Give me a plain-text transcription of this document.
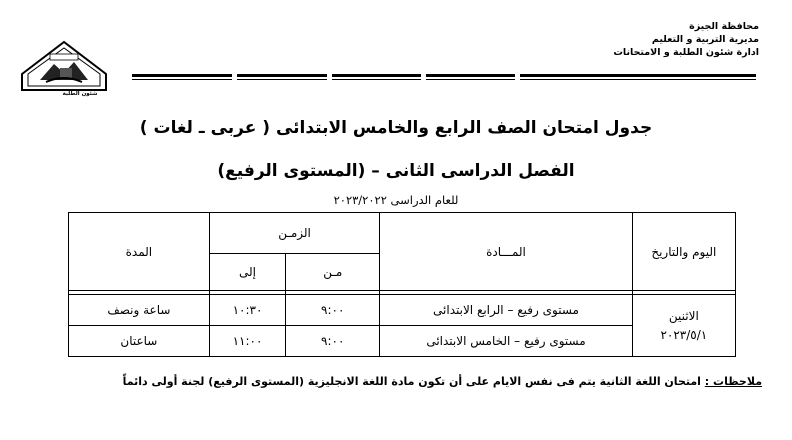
محافظة الجيزة
مديرية التربية و التعليم
ادارة شئون الطلبة و الامتحانات
شئون الطلبة
جدول امتحان الصف الرابع والخامس الابتدائى ( عربى ـ لغات )
الفصل الدراسى الثانى – (المستوى الرفيع)
للعام الدراسى ٢٠٢٣/٢٠٢٢
اليوم والتاريخ	المـــادة	الزمـن		المدة
		مـن	إلى	

الاثنين
٢٠٢٣/٥/١	مستوى رفيع – الرابع الابتدائى	٩:٠٠	١٠:٣٠	ساعة ونصف
	مستوى رفيع – الخامس الابتدائى	٩:٠٠	١١:٠٠	ساعتان
ملاحظات : امتحان اللغة الثانية يتم فى نفس الايام على أن تكون مادة اللغة الانجليزية (المستوى الرفيع) لجنة أولى دائماً
